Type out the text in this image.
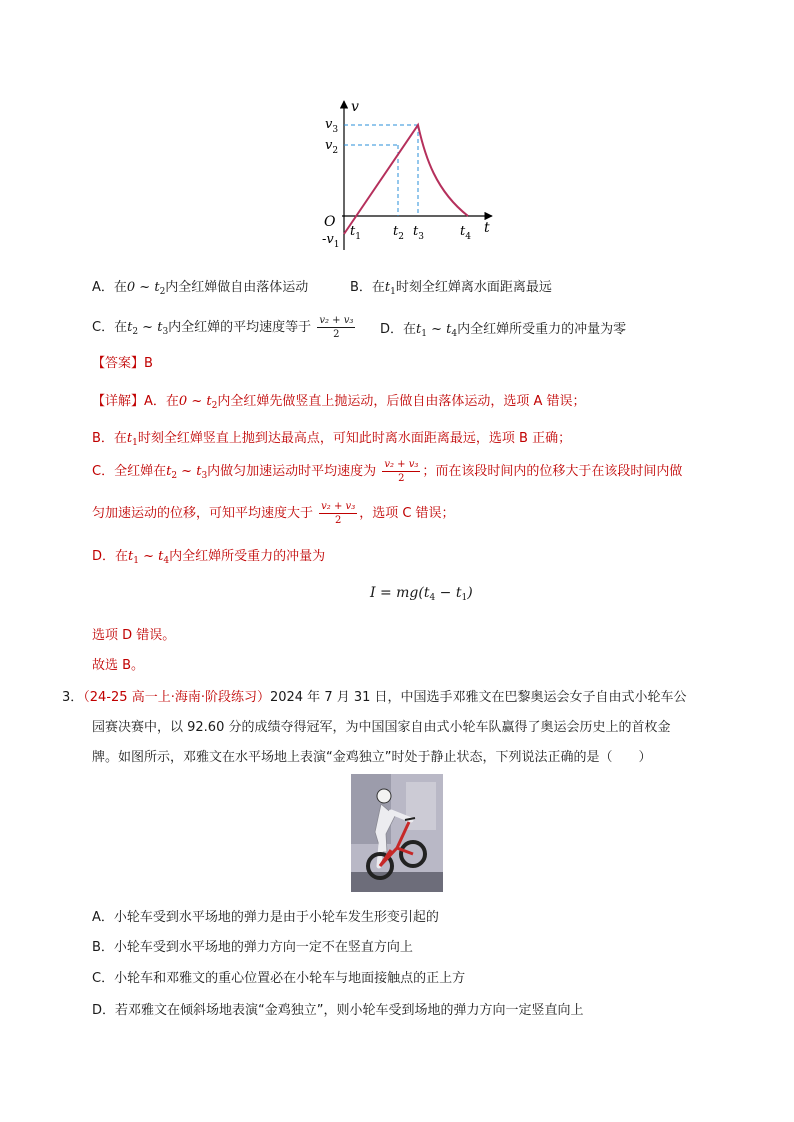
v
t
O
$v_3$
$v_2$
$-v_1$
$t_1$ $t_2$ $t_3$	$t_4$
A．在0 ~ $t_2$内全红婵做自由落体运动	B．在$t_1$时刻全红婵离水面距离最远
C．在$t_2$ ~ $t_3$内全红婵的平均速度等于 $\frac{\text{v₂ + v₃}}{2}$ D．在$t_1$ ~ $t_4$内全红婵所受重力的冲量为零
【答案】B
【详解】A．在0 ~ $t_2$内全红婵先做竖直上抛运动，后做自由落体运动，选项 A 错误；
B．在$t_1$时刻全红婵竖直上抛到达最高点，可知此时离水面距离最远，选项 B 正确；
C．全红婵在$t_2$ ~ $t_3$内做匀加速运动时平均速度为 $\frac{\text{v₂ + v₃}}{2}$ ；而在该段时间内的位移大于在该段时间内做
匀加速运动的位移，可知平均速度大于 $\frac{\text{v₂ + v₃}}{2}$ ，选项 C 错误；
D．在$t_1$ ~ $t_4$内全红婵所受重力的冲量为
$I = mg(t_4 - t_1)$
选项 D 错误。
故选 B。
3．（24-25 高一上·海南·阶段练习）2024 年 7 月 31 日，中国选手邓雅文在巴黎奥运会女子自由式小轮车公
园赛决赛中，以 92.60 分的成绩夺得冠军，为中国国家自由式小轮车队赢得了奥运会历史上的首枚金
牌。如图所示，邓雅文在水平场地上表演“金鸡独立”时处于静止状态，下列说法正确的是（　　）
A．小轮车受到水平场地的弹力是由于小轮车发生形变引起的
B．小轮车受到水平场地的弹力方向一定不在竖直方向上
C．小轮车和邓雅文的重心位置必在小轮车与地面接触点的正上方
D．若邓雅文在倾斜场地表演“金鸡独立”，则小轮车受到场地的弹力方向一定竖直向上
